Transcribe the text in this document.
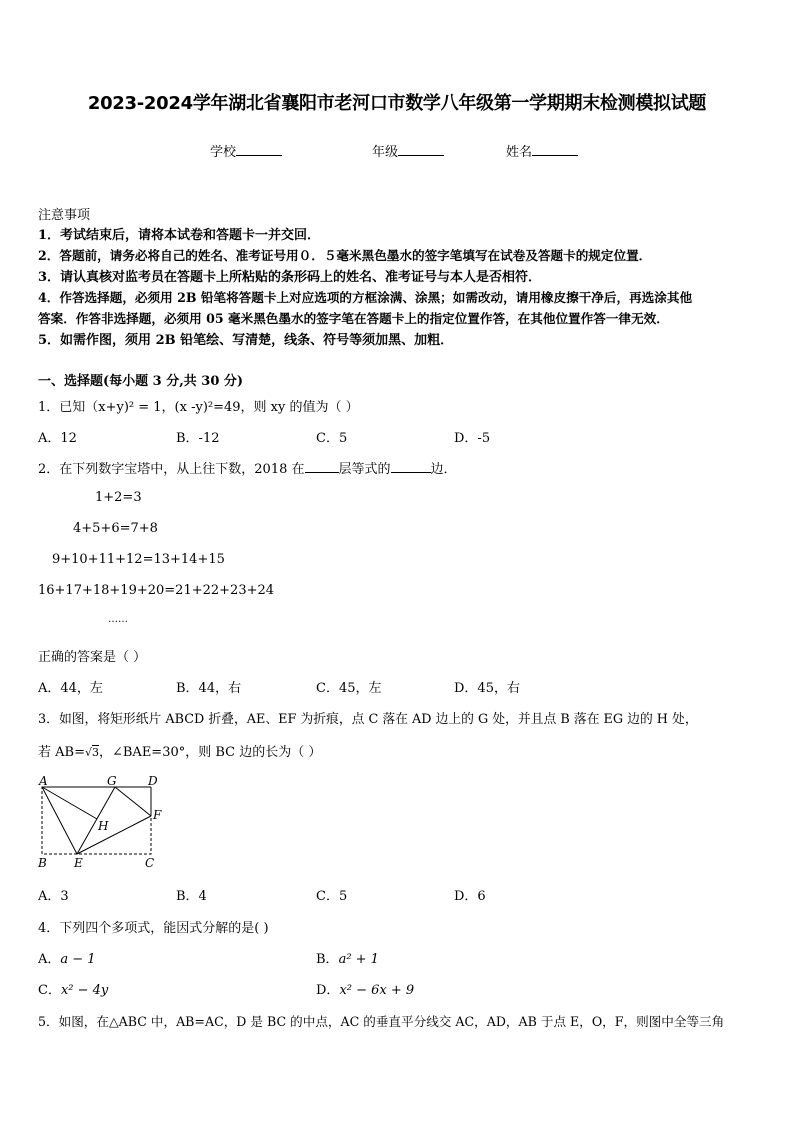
2023-2024学年湖北省襄阳市老河口市数学八年级第一学期期末检测模拟试题
学校	年级	姓名
注意事项
1．考试结束后，请将本试卷和答题卡一并交回．
2．答题前，请务必将自己的姓名、准考证号用０．５毫米黑色墨水的签字笔填写在试卷及答题卡的规定位置．
3．请认真核对监考员在答题卡上所粘贴的条形码上的姓名、准考证号与本人是否相符．
4．作答选择题，必须用 2B 铅笔将答题卡上对应选项的方框涂满、涂黑；如需改动，请用橡皮擦干净后，再选涂其他
答案．作答非选择题，必须用 05 毫米黑色墨水的签字笔在答题卡上的指定位置作答，在其他位置作答一律无效．
5．如需作图，须用 2B 铅笔绘、写清楚，线条、符号等须加黑、加粗．
一、选择题(每小题 3 分,共 30 分)
1．已知（x+y)² = 1，(x -y)²=49，则 xy 的值为（ ）
A．12	B．-12	C．5	D．-5
2．在下列数字宝塔中，从上往下数，2018 在	层等式的	边．
1+2=3
4+5+6=7+8
9+10+11+12=13+14+15
16+17+18+19+20=21+22+23+24
……
正确的答案是（ ）
A．44，左	B．44，右	C．45，左	D．45，右
3．如图，将矩形纸片 ABCD 折叠，AE、EF 为折痕，点 C 落在 AD 边上的 G 处，并且点 B 落在 EG 边的 H 处，
若 AB=√3，∠BAE=30°，则 BC 边的长为（ ）
A	G	D
H
F
B E	C
A．3	B．4	C．5	D．6
4．下列四个多项式，能因式分解的是( )
A．a − 1	B．a² + 1
C．x² − 4y	D．x² − 6x + 9
5．如图，在△ABC 中，AB=AC，D 是 BC 的中点，AC 的垂直平分线交 AC，AD，AB 于点 E，O，F，则图中全等三角
